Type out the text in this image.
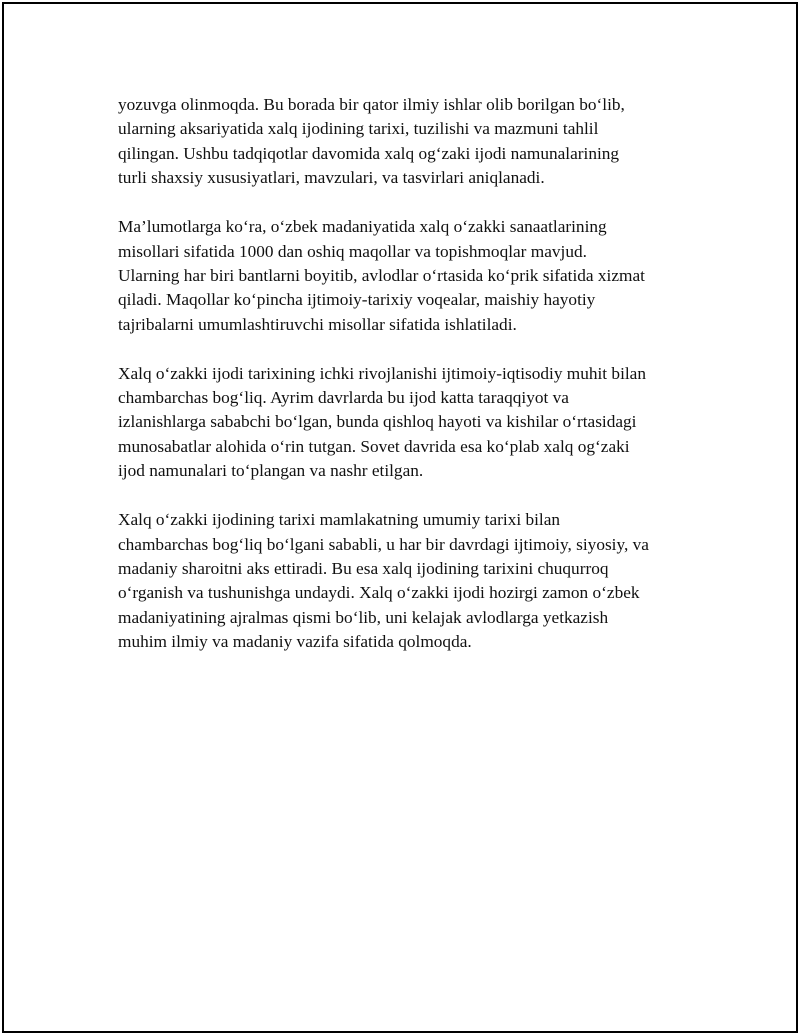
yozuvga olinmoqda. Bu borada bir qator ilmiy ishlar olib borilgan bo‘lib,
ularning aksariyatida xalq ijodining tarixi, tuzilishi va mazmuni tahlil
qilingan. Ushbu tadqiqotlar davomida xalq og‘zaki ijodi namunalarining
turli shaxsiy xususiyatlari, mavzulari, va tasvirlari aniqlanadi.

Ma’lumotlarga ko‘ra, o‘zbek madaniyatida xalq o‘zakki sanaatlarining
misollari sifatida 1000 dan oshiq maqollar va topishmoqlar mavjud.
Ularning har biri bantlarni boyitib, avlodlar o‘rtasida ko‘prik sifatida xizmat
qiladi. Maqollar ko‘pincha ijtimoiy-tarixiy voqealar, maishiy hayotiy
tajribalarni umumlashtiruvchi misollar sifatida ishlatiladi.

Xalq o‘zakki ijodi tarixining ichki rivojlanishi ijtimoiy-iqtisodiy muhit bilan
chambarchas bog‘liq. Ayrim davrlarda bu ijod katta taraqqiyot va
izlanishlarga sababchi bo‘lgan, bunda qishloq hayoti va kishilar o‘rtasidagi
munosabatlar alohida o‘rin tutgan. Sovet davrida esa ko‘plab xalq og‘zaki
ijod namunalari to‘plangan va nashr etilgan.

Xalq o‘zakki ijodining tarixi mamlakatning umumiy tarixi bilan
chambarchas bog‘liq bo‘lgani sababli, u har bir davrdagi ijtimoiy, siyosiy, va
madaniy sharoitni aks ettiradi. Bu esa xalq ijodining tarixini chuqurroq
o‘rganish va tushunishga undaydi. Xalq o‘zakki ijodi hozirgi zamon o‘zbek
madaniyatining ajralmas qismi bo‘lib, uni kelajak avlodlarga yetkazish
muhim ilmiy va madaniy vazifa sifatida qolmoqda.
